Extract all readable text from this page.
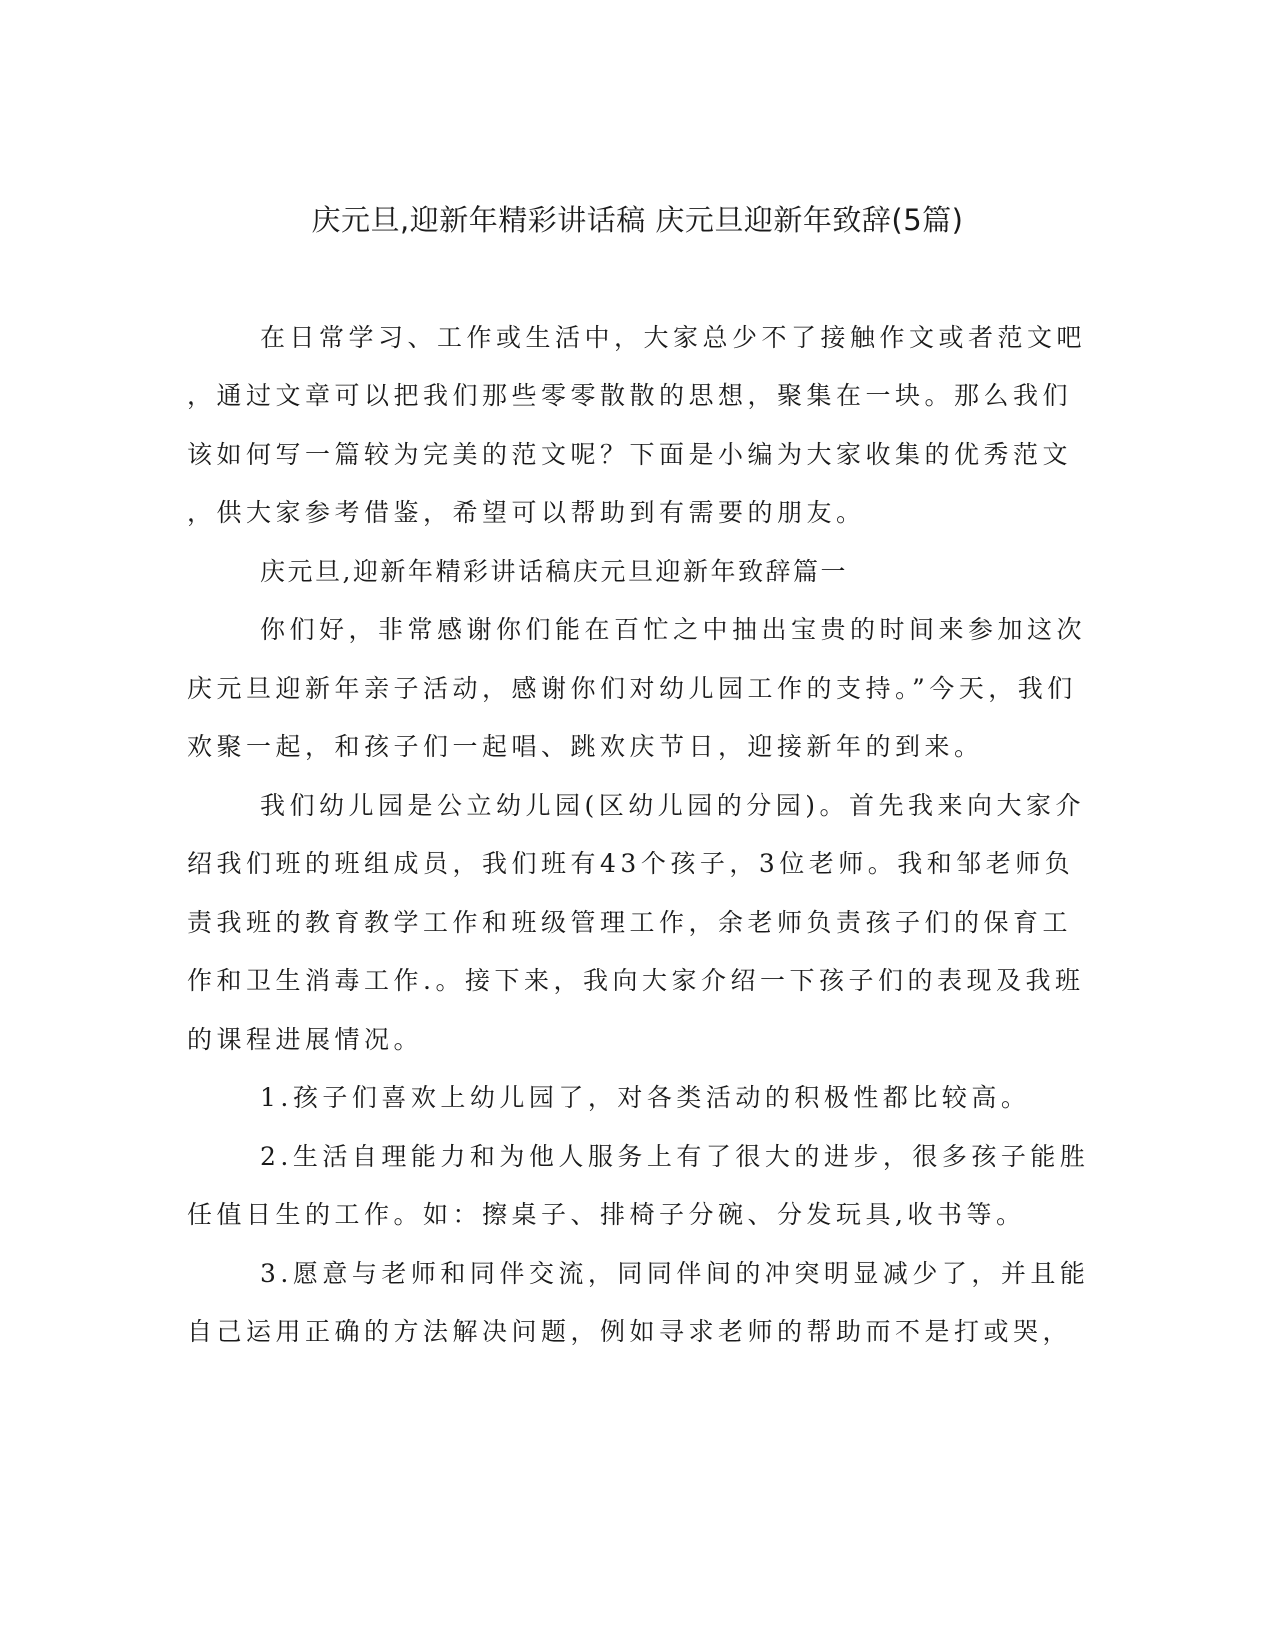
庆元旦,迎新年精彩讲话稿 庆元旦迎新年致辞(5篇)
在日常学习、工作或生活中，大家总少不了接触作文或者范文吧
，通过文章可以把我们那些零零散散的思想，聚集在一块。那么我们
该如何写一篇较为完美的范文呢？下面是小编为大家收集的优秀范文
，供大家参考借鉴，希望可以帮助到有需要的朋友。
庆元旦,迎新年精彩讲话稿庆元旦迎新年致辞篇一
你们好，非常感谢你们能在百忙之中抽出宝贵的时间来参加这次
庆元旦迎新年亲子活动，感谢你们对幼儿园工作的支持。”今天，我们
欢聚一起，和孩子们一起唱、跳欢庆节日，迎接新年的到来。
我们幼儿园是公立幼儿园(区幼儿园的分园)。首先我来向大家介
绍我们班的班组成员，我们班有43个孩子，3位老师。我和邹老师负
责我班的教育教学工作和班级管理工作，余老师负责孩子们的保育工
作和卫生消毒工作.。接下来，我向大家介绍一下孩子们的表现及我班
的课程进展情况。
1.孩子们喜欢上幼儿园了，对各类活动的积极性都比较高。
2.生活自理能力和为他人服务上有了很大的进步，很多孩子能胜
任值日生的工作。如：擦桌子、排椅子分碗、分发玩具,收书等。
3.愿意与老师和同伴交流，同同伴间的冲突明显减少了，并且能
自己运用正确的方法解决问题，例如寻求老师的帮助而不是打或哭，
